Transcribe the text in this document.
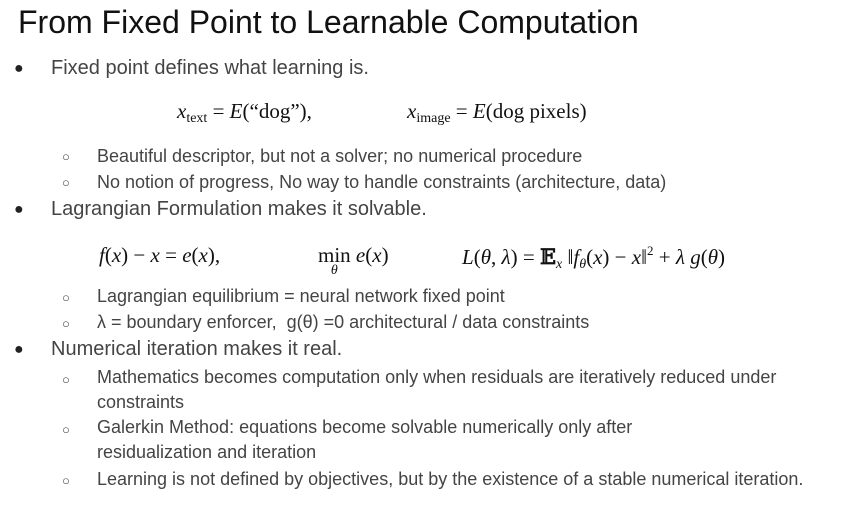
From Fixed Point to Learnable Computation
● Fixed point defines what learning is.
$x_{text}$ = E(“dog”),	$x_{image} = E(dog$ pixels)
○ Beautiful descriptor, but not a solver; no numerical procedure
○ No notion of progress, No way to handle constraints (architecture, data)
● Lagrangian Formulation makes it solvable.
f(x) − x = e(x),	min
θ
e(x)	L(θ, λ) = 𝔼$_x$ $‖f_\theta(x)$ − x‖$^2$ + λ g(θ)
○ Lagrangian equilibrium = neural network fixed point
○ λ = boundary enforcer,  g(θ) =0 architectural / data constraints
● Numerical iteration makes it real.
○ Mathematics becomes computation only when residuals are iteratively reduced under constraints
○ Galerkin Method: equations become solvable numerically only after residualization and iteration
○ Learning is not defined by objectives, but by the existence of a stable numerical iteration.
